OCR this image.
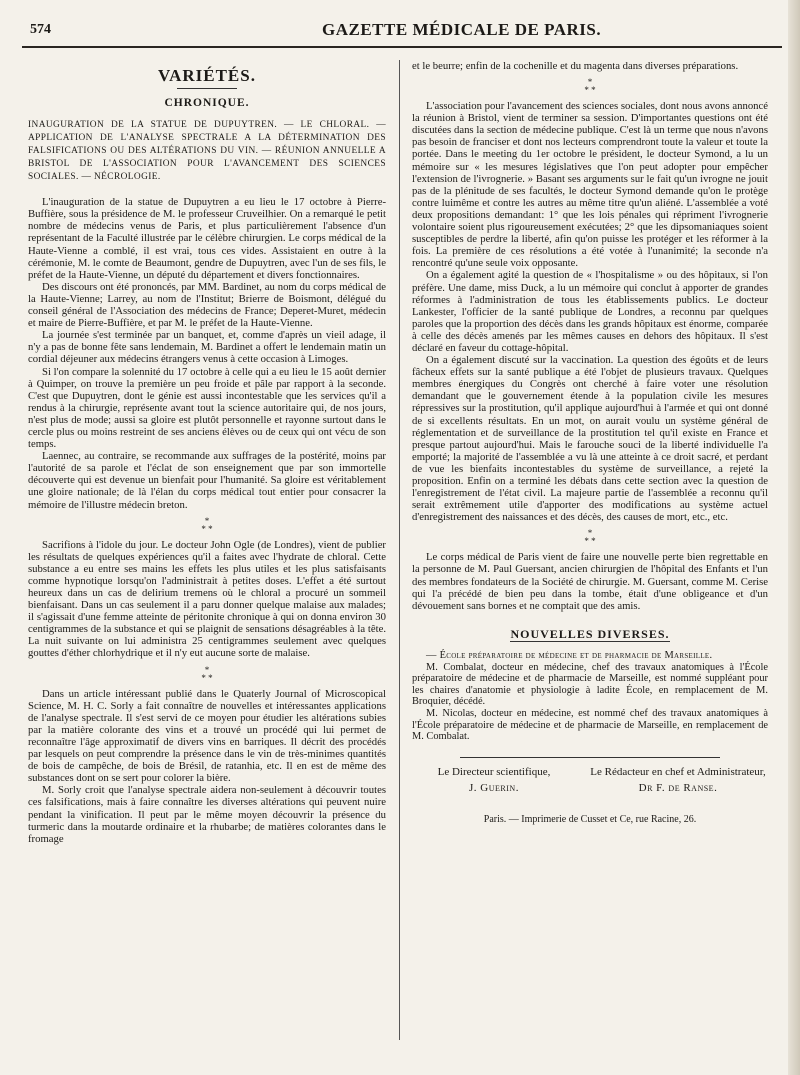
574	GAZETTE MÉDICALE DE PARIS.
VARIÉTÉS.
CHRONIQUE.

INAUGURATION DE LA STATUE DE DUPUYTREN. — LE CHLORAL. — APPLICATION DE L'ANALYSE SPECTRALE A LA DÉTERMINATION DES FALSIFICATIONS OU DES ALTÉRATIONS DU VIN. — RÉUNION ANNUELLE A BRISTOL DE L'ASSOCIATION POUR L'AVANCEMENT DES SCIENCES SOCIALES. — NÉCROLOGIE.

L'inauguration de la statue de Dupuytren a eu lieu le 17 octobre à Pierre-Buffière, sous la présidence de M. le professeur Cruveilhier. On a remarqué le petit nombre de médecins venus de Paris, et plus particulièrement l'absence d'un représentant de la Faculté illustrée par le célèbre chirurgien. Le corps médical de la Haute-Vienne a comblé, il est vrai, tous ces vides. Assistaient en outre à la cérémonie, M. le comte de Beaumont, gendre de Dupuytren, avec l'un de ses fils, le préfet de la Haute-Vienne, un député du département et divers fonctionnaires.

Des discours ont été prononcés, par MM. Bardinet, au nom du corps médical de la Haute-Vienne; Larrey, au nom de l'Institut; Brierre de Boismont, délégué du conseil général de l'Association des médecins de France; Deperet-Muret, médecin et maire de Pierre-Buffière, et par M. le préfet de la Haute-Vienne.

La journée s'est terminée par un banquet, et, comme d'après un vieil adage, il n'y a pas de bonne fête sans lendemain, M. Bardinet a offert le lendemain matin un cordial déjeuner aux médecins étrangers venus à cette occasion à Limoges.

Si l'on compare la solennité du 17 octobre à celle qui a eu lieu le 15 août dernier à Quimper, on trouve la première un peu froide et pâle par rapport à la seconde. C'est que Dupuytren, dont le génie est aussi incontestable que les services qu'il a rendus à la chirurgie, représente avant tout la science autoritaire qui, de nos jours, n'est plus de mode; aussi sa gloire est plutôt personnelle et rayonne surtout dans le cercle plus ou moins restreint de ses anciens élèves ou de ceux qui ont vécu de son temps.

Laennec, au contraire, se recommande aux suffrages de la postérité, moins par l'autorité de sa parole et l'éclat de son enseignement que par son immortelle découverte qui est devenue un bienfait pour l'humanité. Sa gloire est véritablement une gloire nationale; de là l'élan du corps médical tout entier pour consacrer la mémoire de l'illustre médecin breton.

*
* *

Sacrifions à l'idole du jour. Le docteur John Ogle (de Londres), vient de publier les résultats de quelques expériences qu'il a faites avec l'hydrate de chloral. Cette substance a eu entre ses mains les effets les plus utiles et les plus satisfaisants comme hypnotique lorsqu'on l'administrait à petites doses. L'effet a été surtout heureux dans un cas de delirium tremens où le chloral a procuré un sommeil bienfaisant. Dans un cas seulement il a paru donner quelque malaise aux malades; il s'agissait d'une femme atteinte de péritonite chronique à qui on donna environ 30 centigrammes de la substance et qui se plaignit de sensations désagréables à la tête. La nuit suivante on lui administra 25 centigrammes seulement avec quelques gouttes d'éther chlorhydrique et il n'y eut aucune sorte de malaise.

*
* *

Dans un article intéressant publié dans le Quaterly Journal of Microscopical Science, M. H. C. Sorly a fait connaître de nouvelles et intéressantes applications de l'analyse spectrale. Il s'est servi de ce moyen pour étudier les altérations subies par la matière colorante des vins et a trouvé un procédé qui lui permet de reconnaître l'âge approximatif de divers vins en barriques. Il décrit des procédés par lesquels on peut comprendre la présence dans le vin de très-minimes quantités de bois de campêche, de bois de Brésil, de ratanhia, etc. Il en est de même des substances dont on se sert pour colorer la bière.

M. Sorly croit que l'analyse spectrale aidera non-seulement à découvrir toutes ces falsifications, mais à faire connaître les diverses altérations qui peuvent nuire pendant la vinification. Il peut par le même moyen découvrir la présence du turmeric dans la moutarde ordinaire et la rhubarbe; de matières colorantes dans le fromage

et le beurre; enfin de la cochenille et du magenta dans diverses préparations.

*
* *

L'association pour l'avancement des sciences sociales, dont nous avons annoncé la réunion à Bristol, vient de terminer sa session. D'importantes questions ont été discutées dans la section de médecine publique. C'est là un terme que nous n'avons pas besoin de franciser et dont nos lecteurs comprendront toute la valeur et toute la portée. Dans le meeting du 1er octobre le président, le docteur Symond, a lu un mémoire sur « les mesures législatives que l'on peut adopter pour empêcher l'extension de l'ivrognerie. » Basant ses arguments sur le fait qu'un ivrogne ne jouit pas de la plénitude de ses facultés, le docteur Symond demande qu'on le protège contre luimême et contre les autres au même titre qu'un aliéné. L'assemblée a voté deux propositions demandant: 1° que les lois pénales qui répriment l'ivrognerie volontaire soient plus rigoureusement exécutées; 2° que les dipsomaniaques soient susceptibles de perdre la liberté, afin qu'on puisse les protéger et les réformer à la fois. La première de ces résolutions a été votée à l'unanimité; la seconde n'a rencontré qu'une seule voix opposante.

On a également agité la question de « l'hospitalisme » ou des hôpitaux, si l'on préfère. Une dame, miss Duck, a lu un mémoire qui conclut à apporter de grandes réformes à l'administration de tous les établissements publics. Le docteur Lankester, l'officier de la santé publique de Londres, a reconnu par quelques paroles que la proportion des décès dans les grands hôpitaux est énorme, comparée à celle des décès amenés par les mêmes causes en dehors des hôpitaux. Il s'est déclaré en faveur du cottage-hôpital.

On a également discuté sur la vaccination. La question des égoûts et de leurs fâcheux effets sur la santé publique a été l'objet de plusieurs travaux. Quelques membres énergiques du Congrès ont cherché à faire voter une résolution demandant que le gouvernement étende à la population civile les mesures répressives sur la prostitution, qu'il applique aujourd'hui à l'armée et qui ont donné de si excellents résultats. En un mot, on aurait voulu un système général de réglementation et de surveillance de la prostitution tel qu'il existe en France et presque partout aujourd'hui. Mais le farouche souci de la liberté individuelle l'a emporté; la majorité de l'assemblée a vu là une atteinte à ce droit sacré, et perdant de vue les bienfaits incontestables du système de surveillance, a rejeté la proposition. Enfin on a terminé les débats dans cette section avec la question de l'enregistrement de l'état civil. La majeure partie de l'assemblée a reconnu qu'il serait extrêmement utile d'apporter des modifications au système actuel d'enregistrement des naissances et des décès, des causes de mort, etc., etc.

*
* *

Le corps médical de Paris vient de faire une nouvelle perte bien regrettable en la personne de M. Paul Guersant, ancien chirurgien de l'hôpital des Enfants et l'un des membres fondateurs de la Société de chirurgie. M. Guersant, comme M. Cerise qui l'a précédé de bien peu dans la tombe, était d'une obligeance et d'un dévouement sans bornes et ne comptait que des amis.

NOUVELLES DIVERSES.

— École préparatoire de médecine et de pharmacie de Marseille.

M. Combalat, docteur en médecine, chef des travaux anatomiques à l'École préparatoire de médecine et de pharmacie de Marseille, est nommé suppléant pour les chaires d'anatomie et physiologie à ladite École, en remplacement de M. Broquier, décédé.

M. Nicolas, docteur en médecine, est nommé chef des travaux anatomiques à l'École préparatoire de médecine et de pharmacie de Marseille, en remplacement de M. Combalat.

Le Directeur scientifique,
J. Guerin.
Le Rédacteur en chef et Administrateur,
Dr F. de Ranse.
Paris. — Imprimerie de Cusset et Ce, rue Racine, 26.
